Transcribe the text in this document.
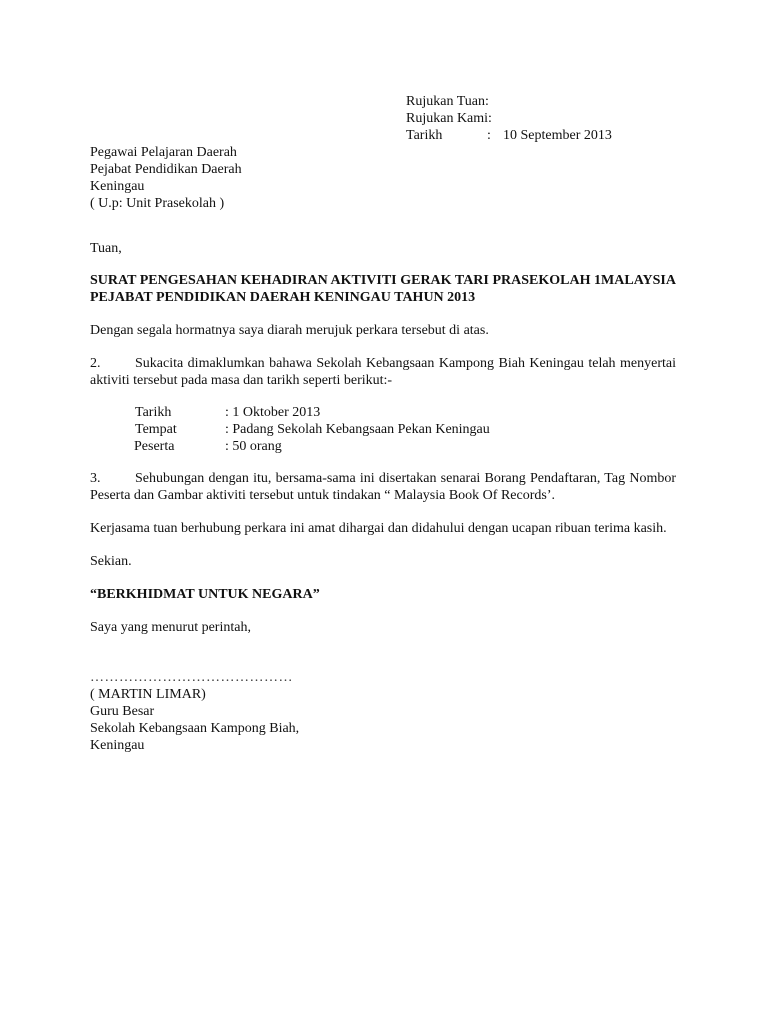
Rujukan Tuan:
Rujukan Kami:
Tarikh	: 10 September 2013
Pegawai Pelajaran Daerah
Pejabat Pendidikan Daerah
Keningau
( U.p: Unit Prasekolah )
Tuan,
SURAT PENGESAHAN KEHADIRAN AKTIVITI GERAK TARI PRASEKOLAH 1MALAYSIA
PEJABAT PENDIDIKAN DAERAH KENINGAU TAHUN 2013
Dengan segala hormatnya saya diarah merujuk perkara tersebut di atas.
2. Sukacita dimaklumkan bahawa Sekolah Kebangsaan Kampong Biah Keningau telah menyertai
aktiviti tersebut pada masa dan tarikh seperti berikut:-
Tarikh	: 1 Oktober 2013
Tempat	: Padang Sekolah Kebangsaan Pekan Keningau
Peserta	: 50 orang
3. Sehubungan dengan itu, bersama-sama ini disertakan senarai Borang Pendaftaran, Tag Nombor
Peserta dan Gambar aktiviti tersebut untuk tindakan “ Malaysia Book Of Records’.
Kerjasama tuan berhubung perkara ini amat dihargai dan didahului dengan ucapan ribuan terima kasih.
Sekian.
“BERKHIDMAT UNTUK NEGARA”
Saya yang menurut perintah,
……………………………………
( MARTIN LIMAR)
Guru Besar
Sekolah Kebangsaan Kampong Biah,
Keningau
